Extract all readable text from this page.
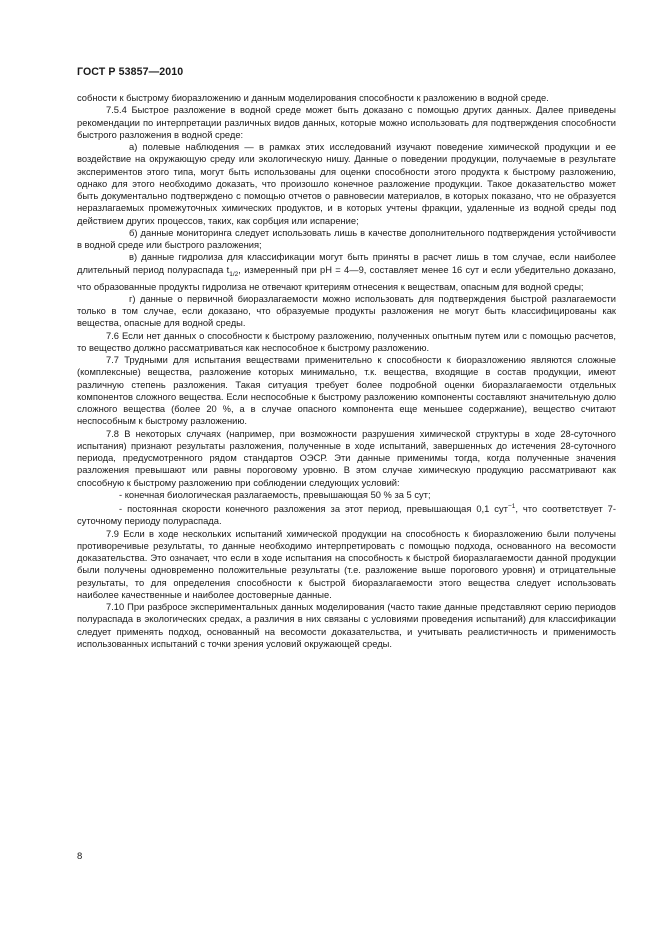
ГОСТ Р 53857—2010

собности к быстрому биоразложению и данным моделирования способности к разложению в водной среде.

7.5.4 Быстрое разложение в водной среде может быть доказано с помощью других данных. Далее приведены рекомендации по интерпретации различных видов данных, которые можно использовать для подтверждения способности быстрого разложения в водной среде:

а) полевые наблюдения — в рамках этих исследований изучают поведение химической продукции и ее воздействие на окружающую среду или экологическую нишу. Данные о поведении продукции, получаемые в результате экспериментов этого типа, могут быть использованы для оценки способности этого продукта к быстрому разложению, однако для этого необходимо доказать, что произошло конечное разложение продукции. Такое доказательство может быть документально подтверждено с помощью отчетов о равновесии материалов, в которых показано, что не образуется неразлагаемых промежуточных химических продуктов, и в которых учтены фракции, удаленные из водной среды под действием других процессов, таких, как сорбция или испарение;

б) данные мониторинга следует использовать лишь в качестве дополнительного подтверждения устойчивости в водной среде или быстрого разложения;

в) данные гидролиза для классификации могут быть приняты в расчет лишь в том случае, если наиболее длительный период полураспада $t_{1/2}$, измеренный при pH = 4—9, составляет менее 16 сут и если убедительно доказано, что образованные продукты гидролиза не отвечают критериям отнесения к веществам, опасным для водной среды;

г) данные о первичной биоразлагаемости можно использовать для подтверждения быстрой разлагаемости только в том случае, если доказано, что образуемые продукты разложения не могут быть классифицированы как вещества, опасные для водной среды.

7.6 Если нет данных о способности к быстрому разложению, полученных опытным путем или с помощью расчетов, то вещество должно рассматриваться как неспособное к быстрому разложению.

7.7 Трудными для испытания веществами применительно к способности к биоразложению являются сложные (комплексные) вещества, разложение которых минимально, т.к. вещества, входящие в состав продукции, имеют различную степень разложения. Такая ситуация требует более подробной оценки биоразлагаемости отдельных компонентов сложного вещества. Если неспособные к быстрому разложению компоненты составляют значительную долю сложного вещества (более 20 %, а в случае опасного компонента еще меньшее содержание), вещество считают неспособным к быстрому разложению.

7.8 В некоторых случаях (например, при возможности разрушения химической структуры в ходе 28-суточного испытания) признают результаты разложения, полученные в ходе испытаний, завершенных до истечения 28-суточного периода, предусмотренного рядом стандартов ОЭСР. Эти данные применимы тогда, когда полученные значения разложения превышают или равны пороговому уровню. В этом случае химическую продукцию рассматривают как способную к быстрому разложению при соблюдении следующих условий:

- конечная биологическая разлагаемость, превышающая 50 % за 5 сут;

- постоянная скорости конечного разложения за этот период, превышающая 0,1 сут$^{-1}$, что соответствует 7-суточному периоду полураспада.

7.9 Если в ходе нескольких испытаний химической продукции на способность к биоразложению были получены противоречивые результаты, то данные необходимо интерпретировать с помощью подхода, основанного на весомости доказательства. Это означает, что если в ходе испытания на способность к быстрой биоразлагаемости данной продукции были получены одновременно положительные результаты (т.е. разложение выше порогового уровня) и отрицательные результаты, то для определения способности к быстрой биоразлагаемости этого вещества следует использовать наиболее качественные и наиболее достоверные данные.

7.10 При разбросе экспериментальных данных моделирования (часто такие данные представляют серию периодов полураспада в экологических средах, а различия в них связаны с условиями проведения испытаний) для классификации следует применять подход, основанный на весомости доказательства, и учитывать реалистичность и применимость использованных испытаний с точки зрения условий окружающей среды.

8
